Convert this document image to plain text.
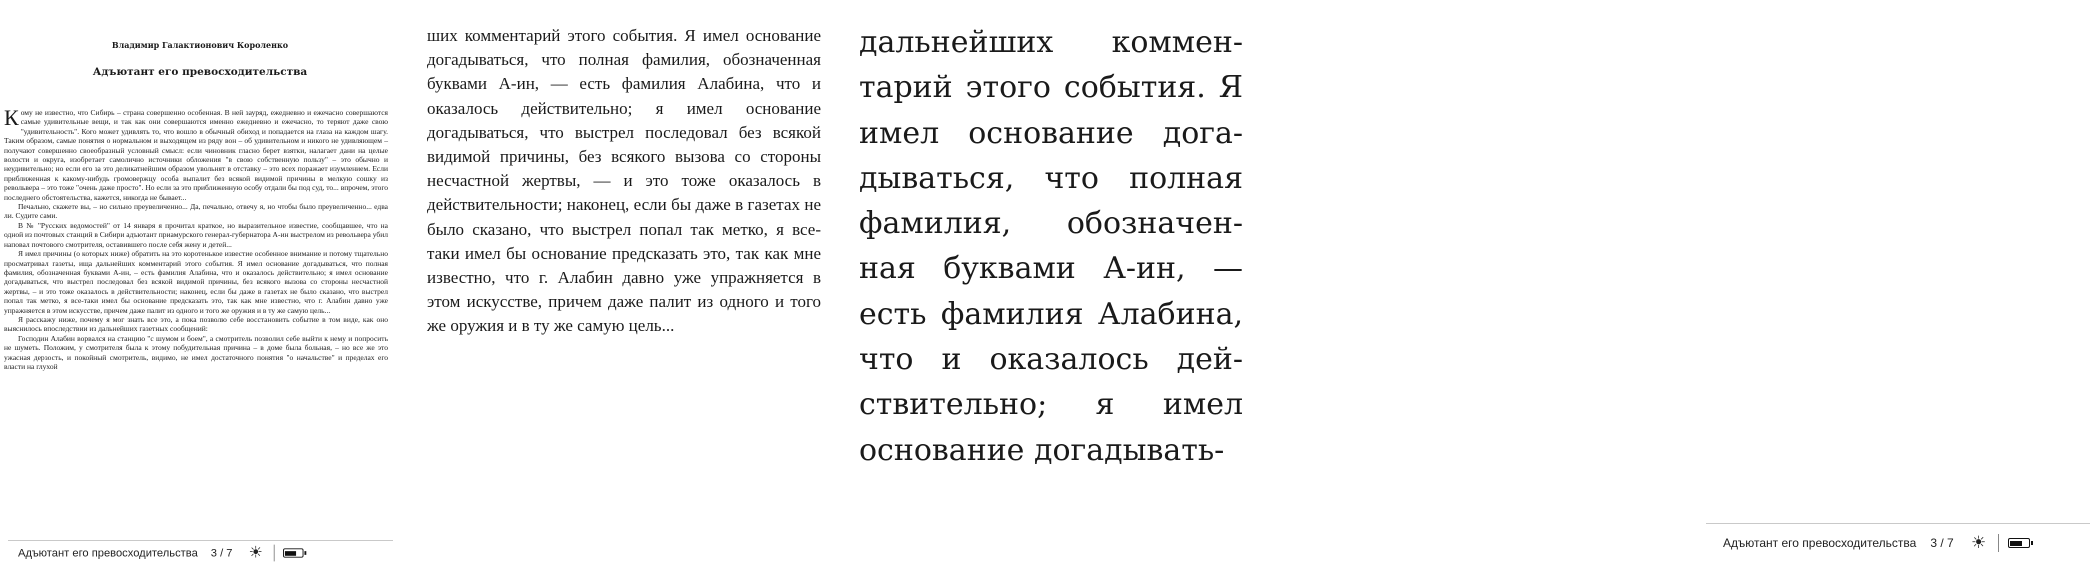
Владимир Галактионович Короленко
Адъютант его превосходительства

Кому не известно, что Сибирь – страна совершенно особенная. В ней зауряд, ежедневно и ежечасно совершаются самые удивительные вещи, и так как они совершаются именно ежедневно и ежечасно, то теряют даже свою "удивительность". Кого может удивлять то, что вошло в обычный обиход и попадается на глаза на каждом шагу. Таким образом, самые понятия о нормальном и выходящем из ряду вон – об удивительном и никого не удивляющем – получают совершенно своеобразный условный смысл: если чиновник гласно берет взятки, налагает дани на целые волости и округа, изобретает самолично источники обложения "в свою собственную пользу" – это обычно и неудивительно; но если его за это деликатнейшим образом увольнят в отставку – это всех поражает изумлением. Если приближенная к какому-нибудь громовержцу особа выпалит без всякой видимой причины в мелкую сошку из револьвера – это тоже "очень даже просто". Но если за это приближенную особу отдали бы под суд, то... впрочем, этого последнего обстоятельства, кажется, никогда не бывает...

Печально, скажете вы, – но сильно преувеличенно... Да, печально, отвечу я, но чтобы было преувеличенно... едва ли. Судите сами.

В № "Русских ведомостей" от 14 января я прочитал краткое, но выразительное известие, сообщавшее, что на одной из почтовых станций в Сибири адъютант приамурского генерал-губернатора А-ин выстрелом из револьвера убил наповал почтового смотрителя, оставившего после себя жену и детей...

Я имел причины (о которых ниже) обратить на это коротенькое известие особенное внимание и потому тщательно просматривал газеты, ища дальнейших комментарий этого события. Я имел основание догадываться, что полная фамилия, обозначенная буквами А-ин, – есть фамилия Алабина, что и оказалось действительно; я имел основание догадываться, что выстрел последовал без всякой видимой причины, без всякого вызова со стороны несчастной жертвы, – и это тоже оказалось в действительности; наконец, если бы даже в газетах не было сказано, что выстрел попал так метко, я все-таки имел бы основание предсказать это, так как мне известно, что г. Алабин давно уже упражняется в этом искусстве, причем даже палит из одного и того же оружия и в ту же самую цель...

Я расскажу ниже, почему я мог знать все это, а пока позволю себе восстановить событие в том виде, как оно выяснилось впоследствии из дальнейших газетных сообщений:

Господин Алабин ворвался на станцию "с шумом и боем", а смотритель позволил себе выйти к нему и попросить не шуметь. Положим, у смотрителя была к этому побудительная причина – в доме была больная, – но все же это ужасная дерзость, и покойный смотритель, видимо, не имел достаточного понятия "о начальстве" и пределах его власти на глухой

Адъютант его превосходительства 3 / 7 ☀

ших комментарий этого события. Я имел основание догадываться, что полная фамилия, обозначенная буквами А-ин, — есть фамилия Алабина, что и оказалось действительно; я имел основание догадываться, что выстрел последовал без всякой видимой причины, без всякого вызова со стороны несчастной жертвы, — и это тоже оказалось в действительности; наконец, если бы даже в газетах не было сказано, что выстрел попал так метко, я все-таки имел бы основание предсказать это, так как мне известно, что г. Алабин давно уже упражняется в этом искусстве, причем даже палит из одного и того же оружия и в ту же самую цель...

дальнейших комментарий этого события. Я имел основание догадываться, что полная фамилия, обозначенная буквами А-ин, — есть фамилия Алабина, что и оказалось действительно; я имел основание догадывать-

Адъютант его превосходительства 3 / 7 ☀
